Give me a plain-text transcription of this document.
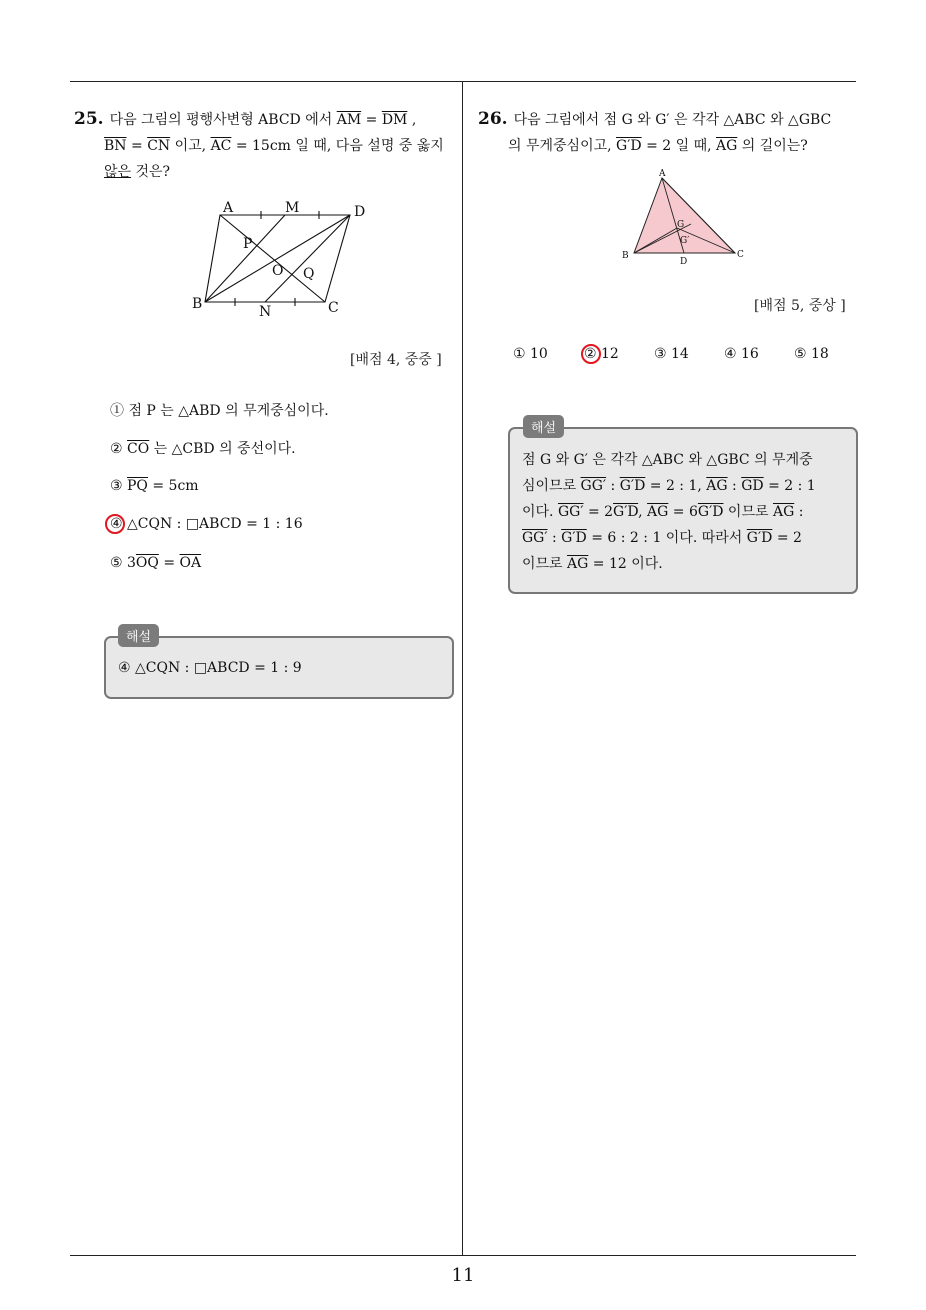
25. 다음 그림의 평행사변형 ABCD 에서 $\overline{AM} = \overline{DM}$ ,
$\overline{BN} = \overline{CN}$ 이고, $\overline{AC} = 15cm$ 일 때, 다음 설명 중 옳지
않은 것은?
A	M	D
P
O Q
B	N	C
[배점 4, 중중 ]
① 점 P 는 △ABD 의 무게중심이다.
② $\overline{CO}$ 는 △CBD 의 중선이다.
③ $\overline{PQ} = 5cm$
④ △CQN : □ABCD = 1 : 16
⑤ $3\overline{OQ} = \overline{OA}$
해설
④ △CQN : □ABCD = 1 : 9
26. 다음 그림에서 점 G 와 G′ 은 각각 △ABC 와 △GBC
의 무게중심이고, G′D = 2 일 때, $\overline{AG}$ 의 길이는?
A
G
G′
B
D
C
[배점 5, 중상 ]
① 10	② 12	③ 14	④ 16	⑤ 18
해설
점 G 와 G′ 은 각각 △ABC 와 △GBC 의 무게중
심이므로 GG′ : G′D = 2 : 1, $\overline{AG}$ : $\overline{GD} = 2$ : 1
이다. GG′ = 2G′D, $\overline{AG} = 6G'D$ 이므로 $\overline{AG}$ :
GG′ : G′D = 6 : 2 : 1 이다. 따라서 G′D = 2
이므로 $\overline{AG} = 12$ 이다.
11
